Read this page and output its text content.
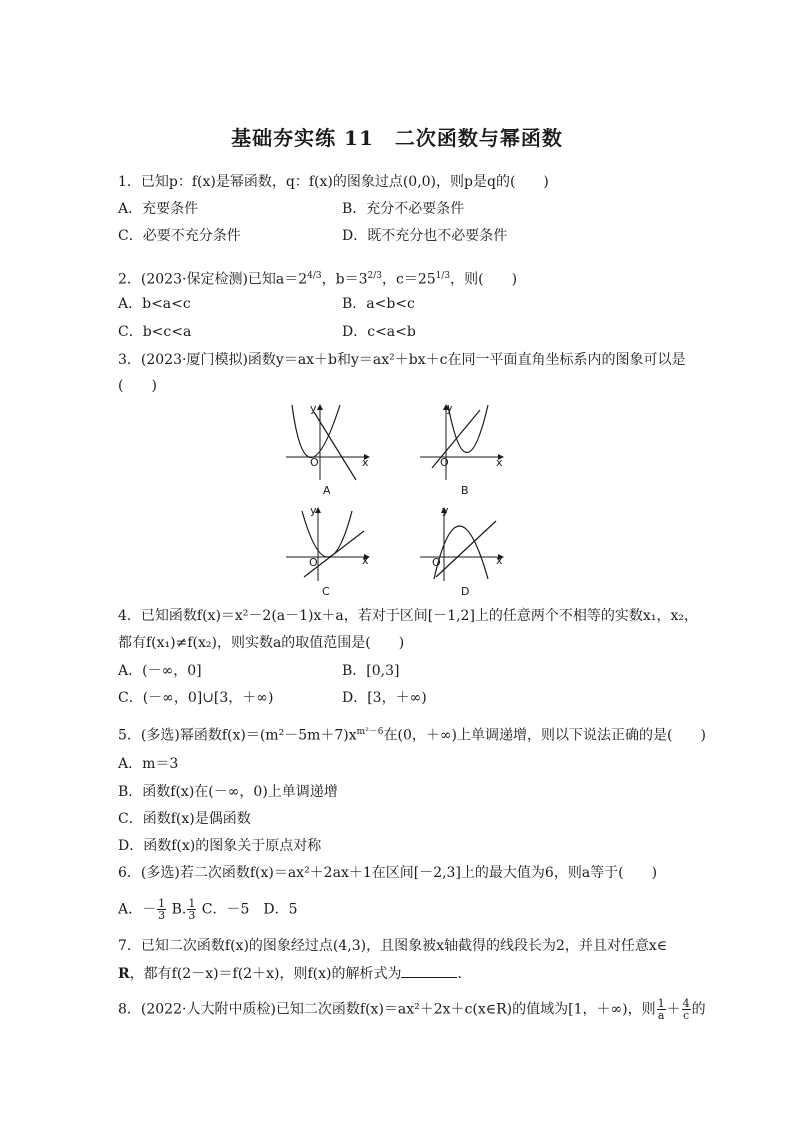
基础夯实练 11　二次函数与幂函数
1．已知p：f(x)是幂函数，q：f(x)的图象过点(0,0)，则p是q的(　　)
A．充要条件	B．充分不必要条件
C．必要不充分条件	D．既不充分也不必要条件
2．(2023·保定检测)已知$a=2^{4/3}$，$b=3^{2/3}$，$c=25^{1/3}$，则(　　)
A．b<a<c	B．a<b<c
C．b<c<a	D．c<a<b
3．(2023·厦门模拟)函数y＝ax＋b和y＝ax²＋bx＋c在同一平面直角坐标系内的图象可以是
(　　)
y
x
O
A
y
x
O
B
y
x
O
C
y
x
O
D
4．已知函数f(x)＝x²－2(a－1)x＋a，若对于区间[－1,2]上的任意两个不相等的实数x₁，x₂，
都有f(x₁)≠f(x₂)，则实数a的取值范围是(　　)
A．(－∞，0]	B．[0,3]
C．(－∞，0]∪[3，＋∞)	D．[3，＋∞)
5．(多选)幂函数$f(x)=(m^2-5m+7)x^{m^2-6}$在(0，＋∞)上单调递增，则以下说法正确的是(　　)
A．m＝3
B．函数f(x)在(－∞，0)上单调递增
C．函数f(x)是偶函数
D．函数f(x)的图象关于原点对称
6．(多选)若二次函数f(x)＝ax²＋2ax＋1在区间[－2,3]上的最大值为6，则a等于(　　)
A．－ $\frac{1}{3} B$. $\frac{1}{3}$ C．－5　D．5
7．已知二次函数f(x)的图象经过点(4,3)，且图象被x轴截得的线段长为2，并且对任意x∈
R，都有f(2－x)＝f(2＋x)，则f(x)的解析式为	．
8．(2022·人大附中质检)已知二次函数f(x)＝ax²＋2x＋c(x∈R)的值域为[1，＋∞)，则 $\frac{1}{a} + \frac{4}{c}$ 的
